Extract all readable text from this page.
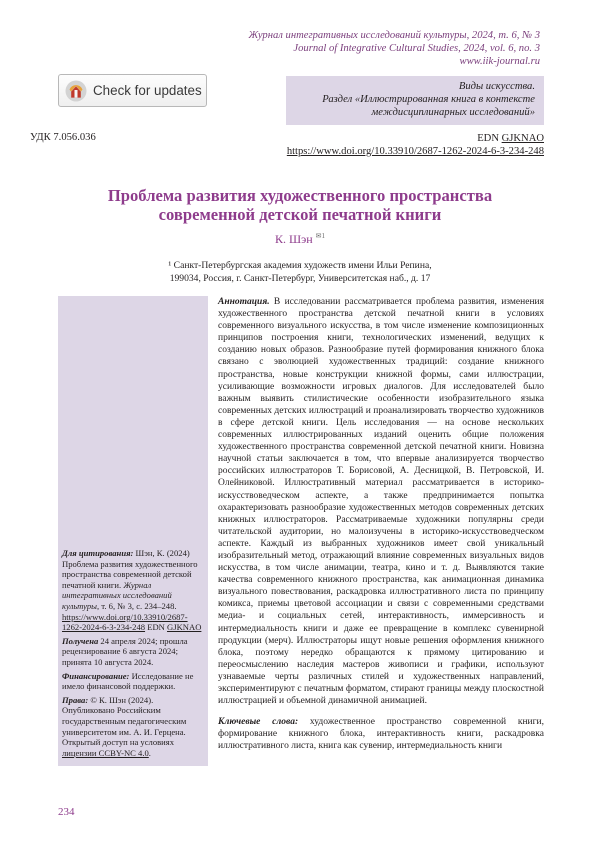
Журнал интегративных исследований культуры, 2024, т. 6, № 3
Journal of Integrative Cultural Studies, 2024, vol. 6, no. 3
www.iik-journal.ru
Check for updates	Виды искусства.
Раздел «Иллюстрированная книга в контексте
междисциплинарных исследований»
УДК 7.056.036	EDN GJKNAO
https://www.doi.org/10.33910/2687-1262-2024-6-3-234-248
Проблема развития художественного пространства
современной детской печатной книги
К. Шэн $^{✉1}$
¹ Санкт-Петербургская академия художеств имени Ильи Репина,
199034, Россия, г. Санкт-Петербург, Университетская наб., д. 17

Для цитирования: Шэн, К. (2024) Проблема развития художественного пространства современной детской печатной книги. Журнал интегративных исследований культуры, т. 6, № 3, с. 234–248. https://www.doi.org/10.33910/2687-1262-2024-6-3-234-248 EDN GJKNAO

Получена 24 апреля 2024; прошла рецензирование 6 августа 2024; принята 10 августа 2024.

Финансирование: Исследование не имело финансовой поддержки.

Права: © К. Шэн (2024). Опубликовано Российским государственным педагогическим университетом им. А. И. Герцена. Открытый доступ на условиях лицензии CCBY-NC 4.0.

Аннотация. В исследовании рассматривается проблема развития, изменения художественного пространства детской печатной книги в условиях современного визуального искусства, в том числе изменение композиционных принципов построения книги, технологических изменений, ведущих к созданию новых образов. Разнообразие путей формирования книжного блока связано с эволюцией художественных традиций: создание книжного пространства, новые конструкции книжной формы, сами иллюстрации, усиливающие возможности игровых диалогов. Для исследователей было важным выявить стилистические особенности изобразительного языка современных детских иллюстраций и проанализировать творчество художников в сфере детской книги. Цель исследования — на основе нескольких современных иллюстрированных изданий оценить общие положения художественного пространства современной детской печатной книги. Новизна научной статьи заключается в том, что впервые анализируется творчество российских иллюстраторов Т. Борисовой, А. Десницкой, В. Петровской, И. Олейниковой. Иллюстративный материал рассматривается в историко-искусствоведческом аспекте, а также предпринимается попытка охарактеризовать разнообразие художественных методов современных детских книжных иллюстраторов. Рассматриваемые художники популярны среди читательской аудитории, но малоизучены в историко-искусствоведческом аспекте. Каждый из выбранных художников имеет свой уникальный изобразительный метод, отражающий влияние современных визуальных видов искусства, в том числе анимации, театра, кино и т. д. Выявляются такие качества современного книжного пространства, как анимационная динамика визуального повествования, раскадровка иллюстративного листа по принципу комикса, приемы цветовой ассоциации и связи с современными средствами медиа- и социальных сетей, интерактивность, иммерсивность и интермедиальность книги и даже ее превращение в комплекс сувенирной продукции (мерч). Иллюстраторы ищут новые решения оформления книжного блока, поэтому нередко обращаются к прямому цитированию и переосмыслению наследия мастеров живописи и графики, используют узнаваемые черты различных стилей и художественных направлений, экспериментируют с печатным форматом, стирают границы между плоскостной иллюстрацией и объемной динамичной анимацией.

Ключевые слова: художественное пространство современной книги, формирование книжного блока, интерактивность книги, раскадровка иллюстративного листа, книга как сувенир, интермедиальность книги

234
